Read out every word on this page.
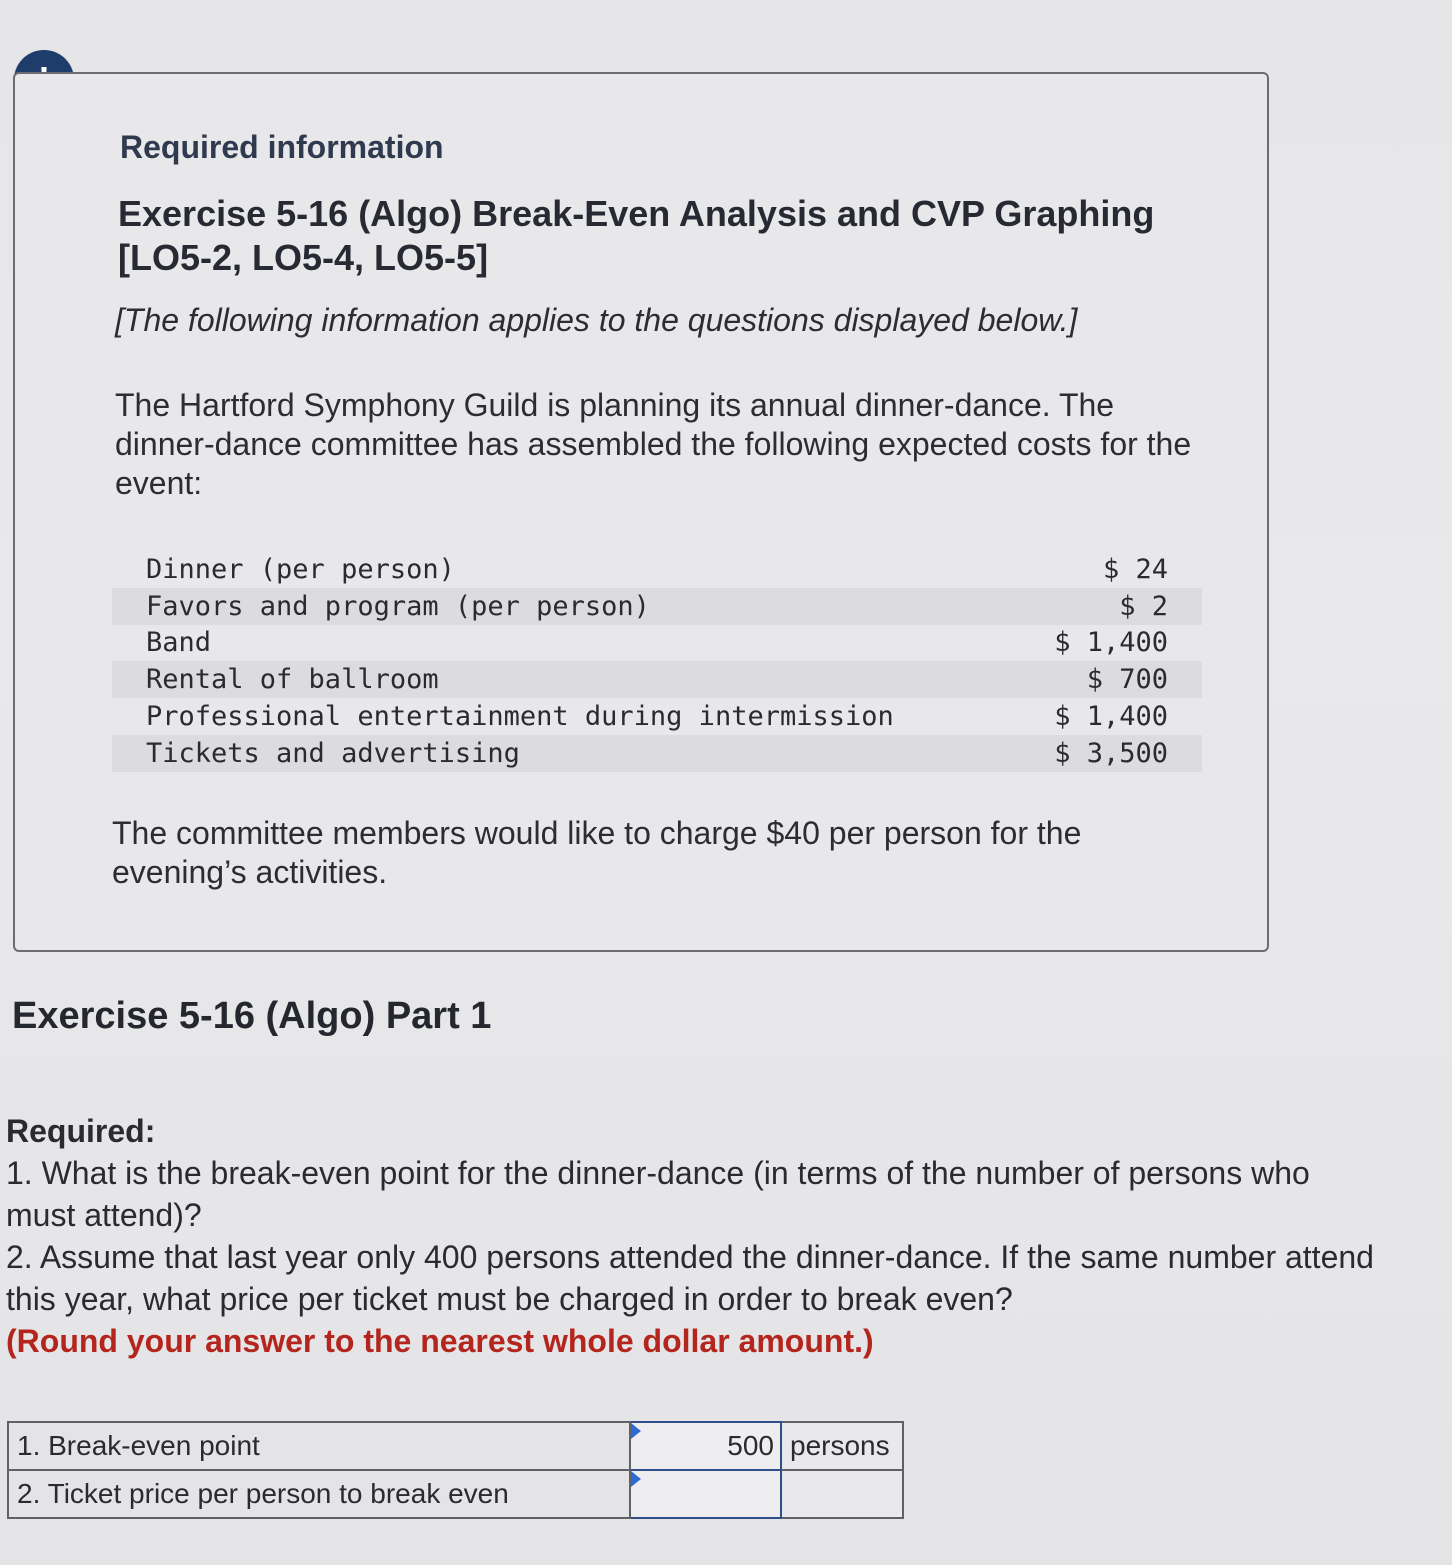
Required information
Exercise 5-16 (Algo) Break-Even Analysis and CVP Graphing [LO5-2, LO5-4, LO5-5]
[The following information applies to the questions displayed below.]
The Hartford Symphony Guild is planning its annual dinner-dance. The dinner-dance committee has assembled the following expected costs for the event:
Dinner (per person)	$ 24
Favors and program (per person)	$ 2
Band	$ 1,400
Rental of ballroom	$ 700
Professional entertainment during intermission	$ 1,400
Tickets and advertising	$ 3,500
The committee members would like to charge $40 per person for the evening’s activities.
Exercise 5-16 (Algo) Part 1
Required:
1. What is the break-even point for the dinner-dance (in terms of the number of persons who must attend)?
2. Assume that last year only 400 persons attended the dinner-dance. If the same number attend this year, what price per ticket must be charged in order to break even?
(Round your answer to the nearest whole dollar amount.)
1. Break-even point	500	persons
2. Ticket price per person to break even	
